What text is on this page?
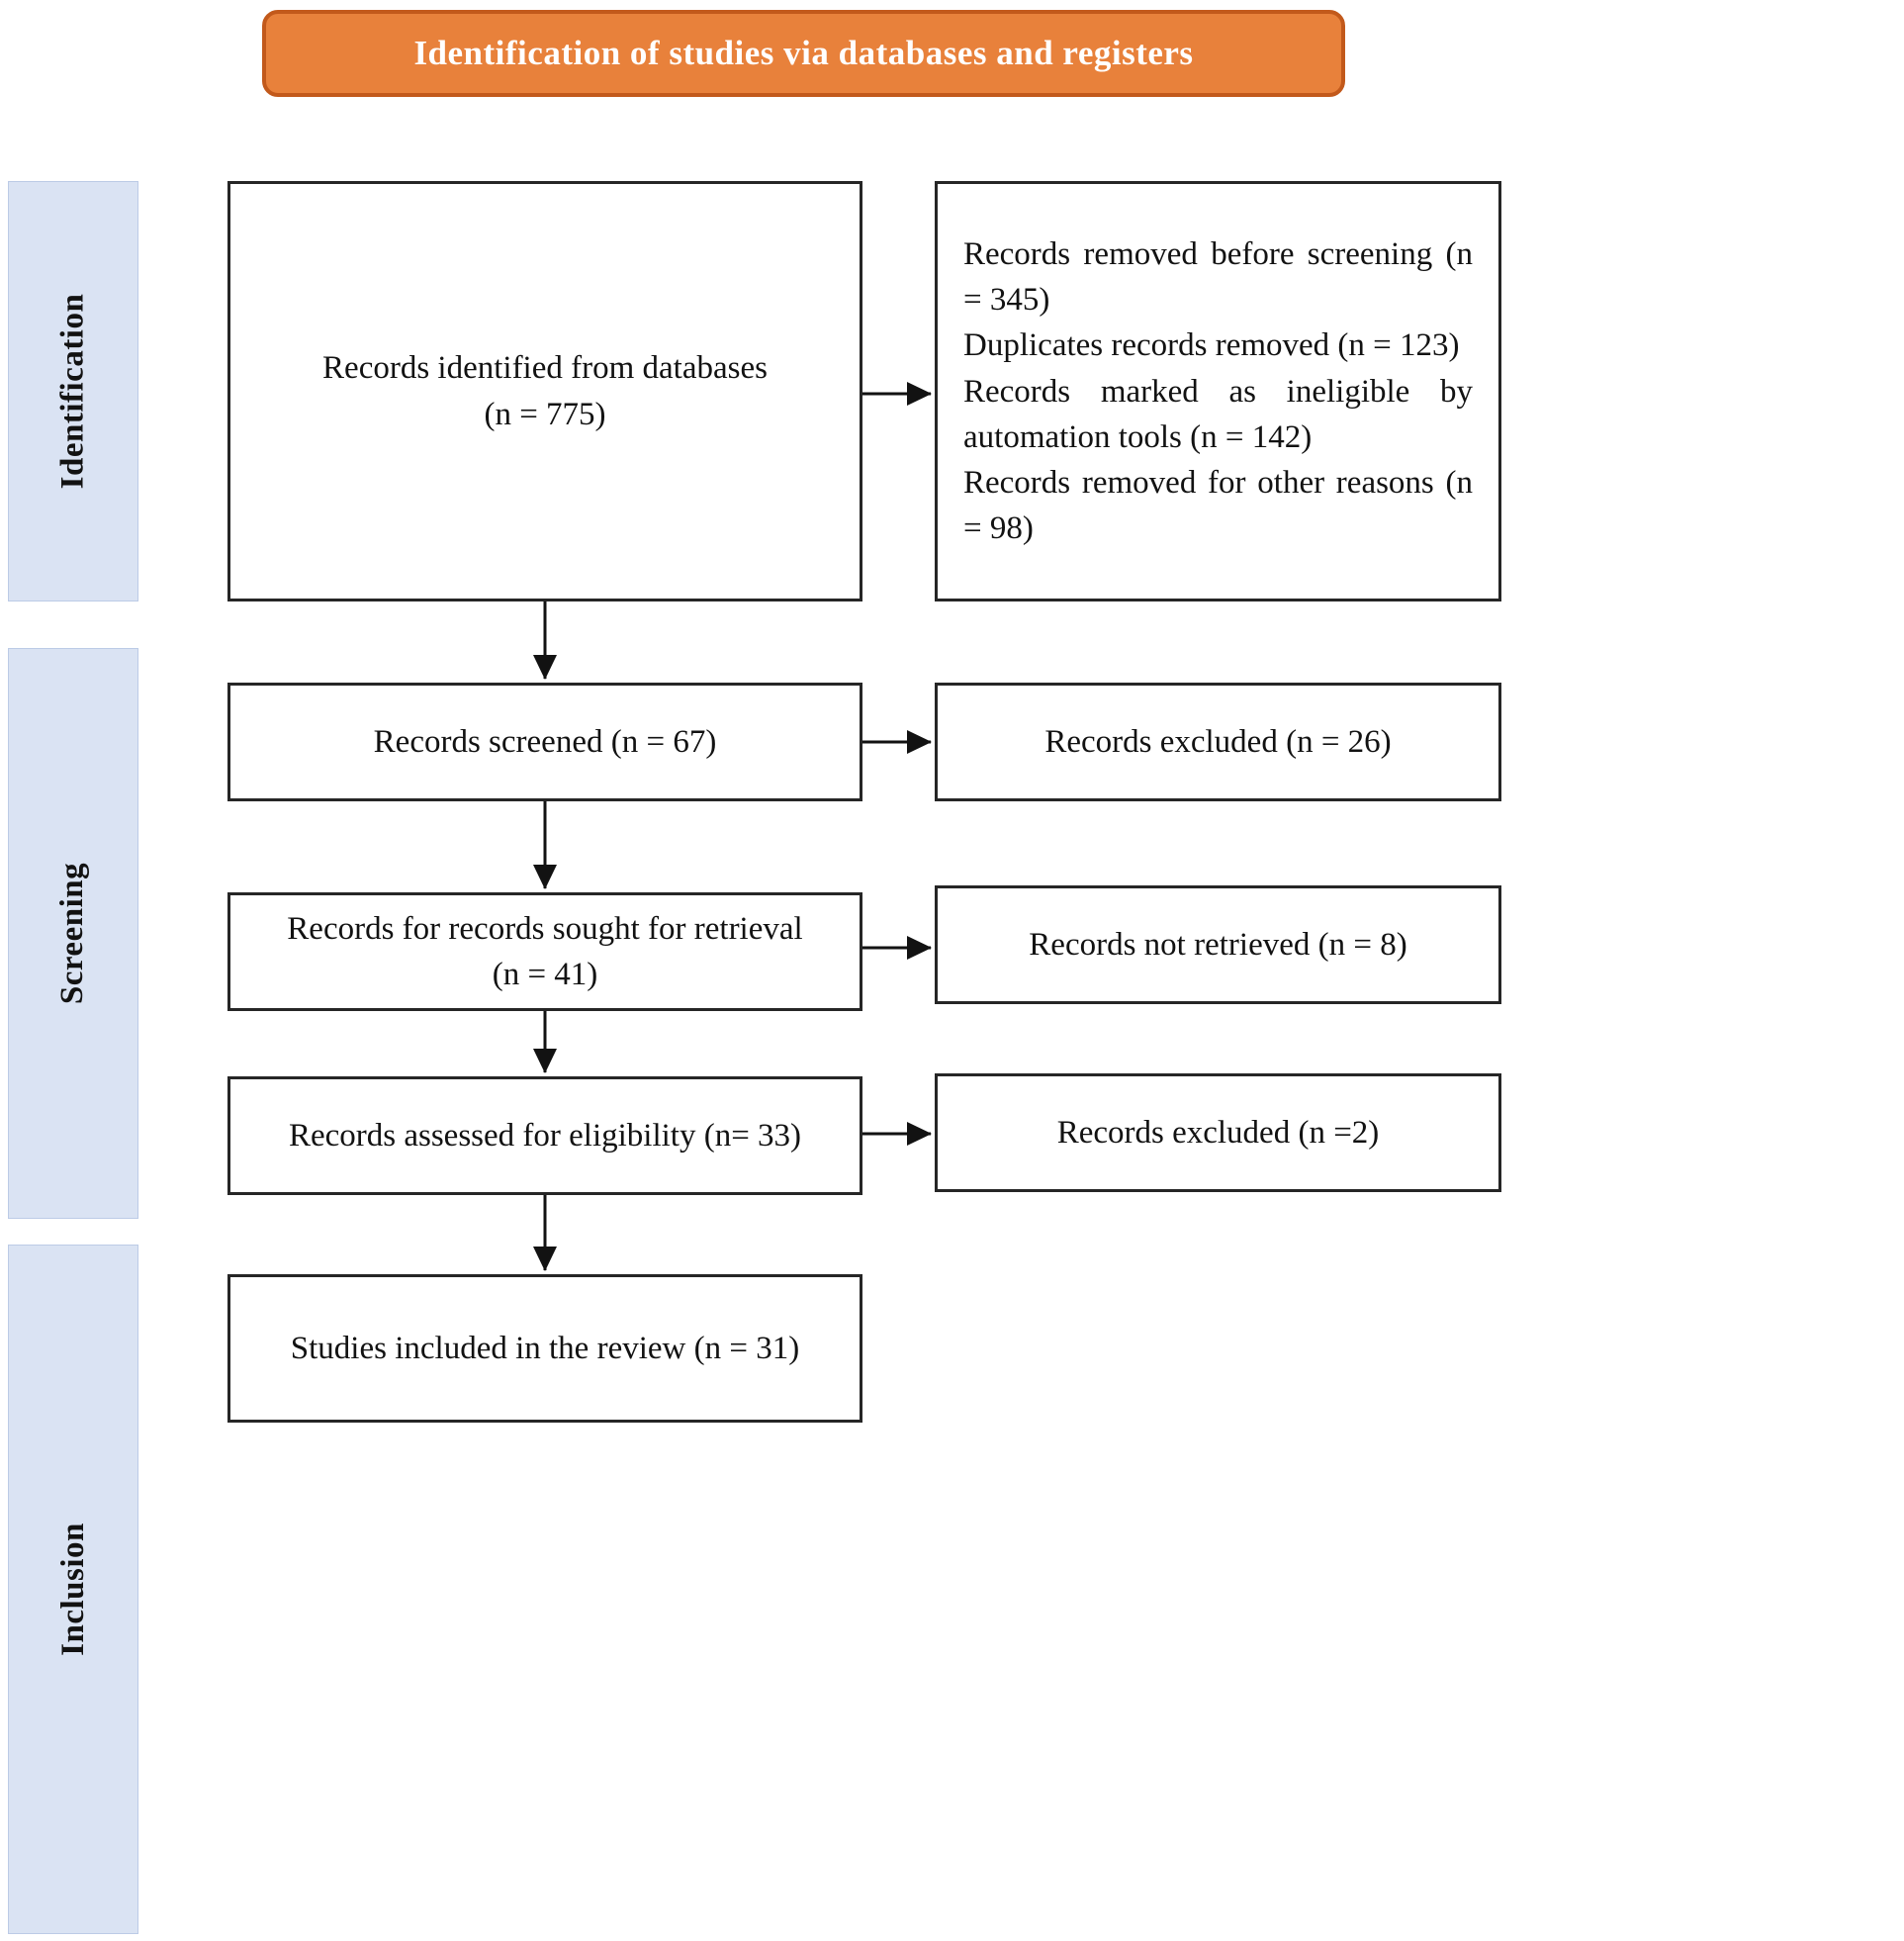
Identification of studies via databases and registers
Identification
Screening
Inclusion
Records identified from databases
(n = 775)
Records screened (n = 67)
Records for records sought for retrieval
(n = 41)
Records assessed for eligibility (n= 33)
Studies included in the review (n = 31)
Records removed before screening (n = 345)
Duplicates records removed (n = 123)
Records marked as ineligible by automation tools (n = 142)
Records removed for other reasons (n = 98)
Records excluded (n = 26)
Records not retrieved (n = 8)
Records excluded (n =2)
